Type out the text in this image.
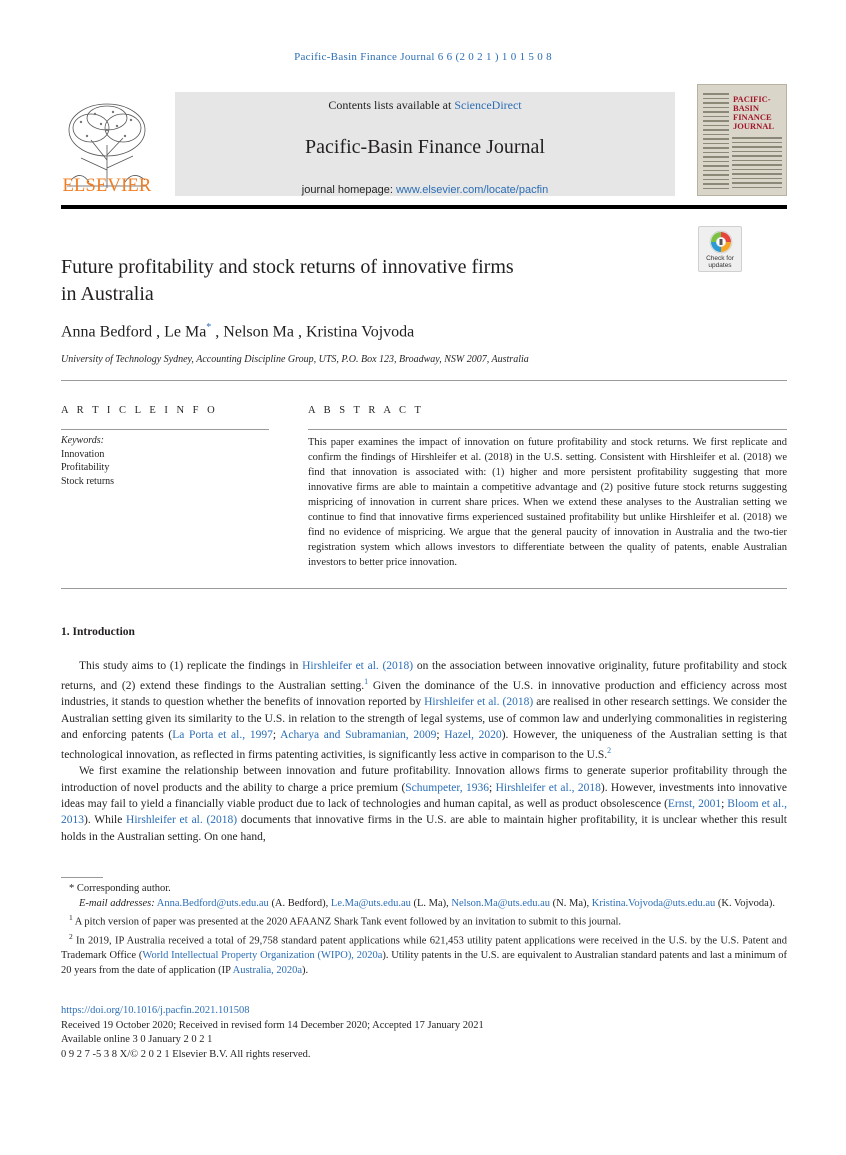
Pacific-Basin Finance Journal 6 6 (2 0 2 1 ) 1 0 1 5 0 8
ELSEVIER
Contents lists available at ScienceDirect
Pacific-Basin Finance Journal
journal homepage: www.elsevier.com/locate/pacfin
PACIFIC-BASIN FINANCE JOURNAL
Check for updates
Future profitability and stock returns of innovative firms
in Australia
Anna Bedford , Le Ma* , Nelson Ma , Kristina Vojvoda
University of Technology Sydney, Accounting Discipline Group, UTS, P.O. Box 123, Broadway, NSW 2007, Australia
A R T I C L E I N F O
Keywords:
Innovation
Profitability
Stock returns
A B S T R A C T
This paper examines the impact of innovation on future profitability and stock returns. We first replicate and confirm the findings of Hirshleifer et al. (2018) in the U.S. setting. Consistent with Hirshleifer et al. (2018) we find that innovation is associated with: (1) higher and more persistent profitability suggesting that more innovative firms are able to maintain a competitive advantage and (2) positive future stock returns suggesting mispricing of innovation in current share prices. When we extend these analyses to the Australian setting we continue to find that innovative firms experienced sustained profitability but unlike Hirshleifer et al. (2018) we find no evidence of mispricing. We argue that the general paucity of innovation in Australia and the two-tier registration system which allows investors to differentiate between the quality of patents, enable Australian investors to better price innovation.
1. Introduction

This study aims to (1) replicate the findings in Hirshleifer et al. (2018) on the association between innovative originality, future profitability and stock returns, and (2) extend these findings to the Australian setting.$^1$ Given the dominance of the U.S. in innovative production and efficiency across most industries, it stands to question whether the benefits of innovation reported by Hirshleifer et al. (2018) are realised in other research settings. We consider the Australian setting given its similarity to the U.S. in relation to the strength of legal systems, use of common law and underlying commonalities in registering and enforcing patents (La Porta et al., 1997; Acharya and Subramanian, 2009; Hazel, 2020). However, the uniqueness of the Australian setting is that technological innovation, as reflected in firms patenting activities, is significantly less active in comparison to the U.S.$^2$

We first examine the relationship between innovation and future profitability. Innovation allows firms to generate superior profitability through the introduction of novel products and the ability to charge a price premium (Schumpeter, 1936; Hirshleifer et al., 2018). However, investments into innovative ideas may fail to yield a financially viable product due to lack of technologies and human capital, as well as product obsolescence (Ernst, 2001; Bloom et al., 2013). While Hirshleifer et al. (2018) documents that innovative firms in the U.S. are able to maintain higher profitability, it is unclear whether this result holds in the Australian setting. On one hand,

* Corresponding author.
E-mail addresses: Anna.Bedford@uts.edu.au (A. Bedford), Le.Ma@uts.edu.au (L. Ma), Nelson.Ma@uts.edu.au (N. Ma), Kristina.Vojvoda@uts.edu.au (K. Vojvoda).
$^1$ A pitch version of paper was presented at the 2020 AFAANZ Shark Tank event followed by an invitation to submit to this journal.
$^2$ In 2019, IP Australia received a total of 29,758 standard patent applications while 621,453 utility patent applications were received in the U.S. by the U.S. Patent and Trademark Office (World Intellectual Property Organization (WIPO), 2020a). Utility patents in the U.S. are equivalent to Australian standard patents and last a minimum of 20 years from the date of application (IP Australia, 2020a).
https://doi.org/10.1016/j.pacfin.2021.101508
Received 19 October 2020; Received in revised form 14 December 2020; Accepted 17 January 2021
Available online 3 0 January 2 0 2 1
0 9 2 7 -5 3 8 X/© 2 0 2 1 Elsevier B.V. All rights reserved.
